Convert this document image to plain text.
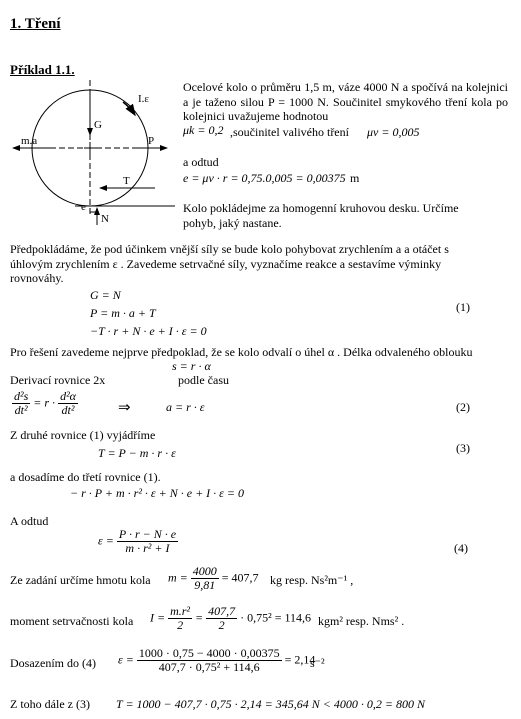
1. Tření
Příklad 1.1.
G
m.a	P
I.ε
T
N
e
Ocelové kolo o průměru 1,5 m, váze 4000 N a spočívá na kolejnici a je taženo silou P = 1000 N. Součinitel smykového tření kola po kolejnici uvažujeme hodnotou
μk = 0,2 ,součinitel valivého tření μv = 0,005
a odtud
e = μv · r = 0,75.0,005 = 0,00375 m
Kolo pokládejme za homogenní kruhovou desku. Určíme pohyb, jaký nastane.
Předpokládáme, že pod účinkem vnější síly se bude kolo pohybovat zrychlením a a otáčet s úhlovým zrychlením ε . Zavedeme setrvačné síly, vyznačíme reakce a sestavíme výminky rovnováhy.
G = N
P = m · a + T
−T · r + N · e + I · ε = 0
(1)
Pro řešení zavedeme nejprve předpoklad, že se kolo odvalí o úhel α . Délka odvaleného oblouku
s = r · α
Derivací rovnice 2x	podle času
$\frac{\text{d²s}}{\text{dt²}} = r \cdot \frac{\text{d²α}}{\text{dt²}}$	⇒	a = r · ε	(2)
Z druhé rovnice (1) vyjádříme
T = P − m · r · ε	(3)
a dosadíme do třetí rovnice (1).
− r · P + m · r² · ε + N · e + I · ε = 0
A odtud
$\varepsilon = \frac{P \cdot r - N \cdot e}{\text{m · r² + I}}$	(4)
Ze zadání určíme hmotu kola $m = \frac{4000}{9,81} = 407,7$ kg resp. Ns²m⁻¹ ,
moment setrvačnosti kola $I = \frac{\text{m.r²}}{2} = \frac{407,7}{2} \cdot 0,75^2 = 114,6$ kgm² resp. Nms² .
Dosazením do (4) $\varepsilon = \frac{1000 \cdot 0,75 - 4000 \cdot 0,00375}{\text{407,7 · 0,75² + 114,6}} = 2,14$
s⁻²
Z toho dále z (3) T = 1000 − 407,7 · 0,75 · 2,14 = 345,64 N < 4000 · 0,2 = 800 N
